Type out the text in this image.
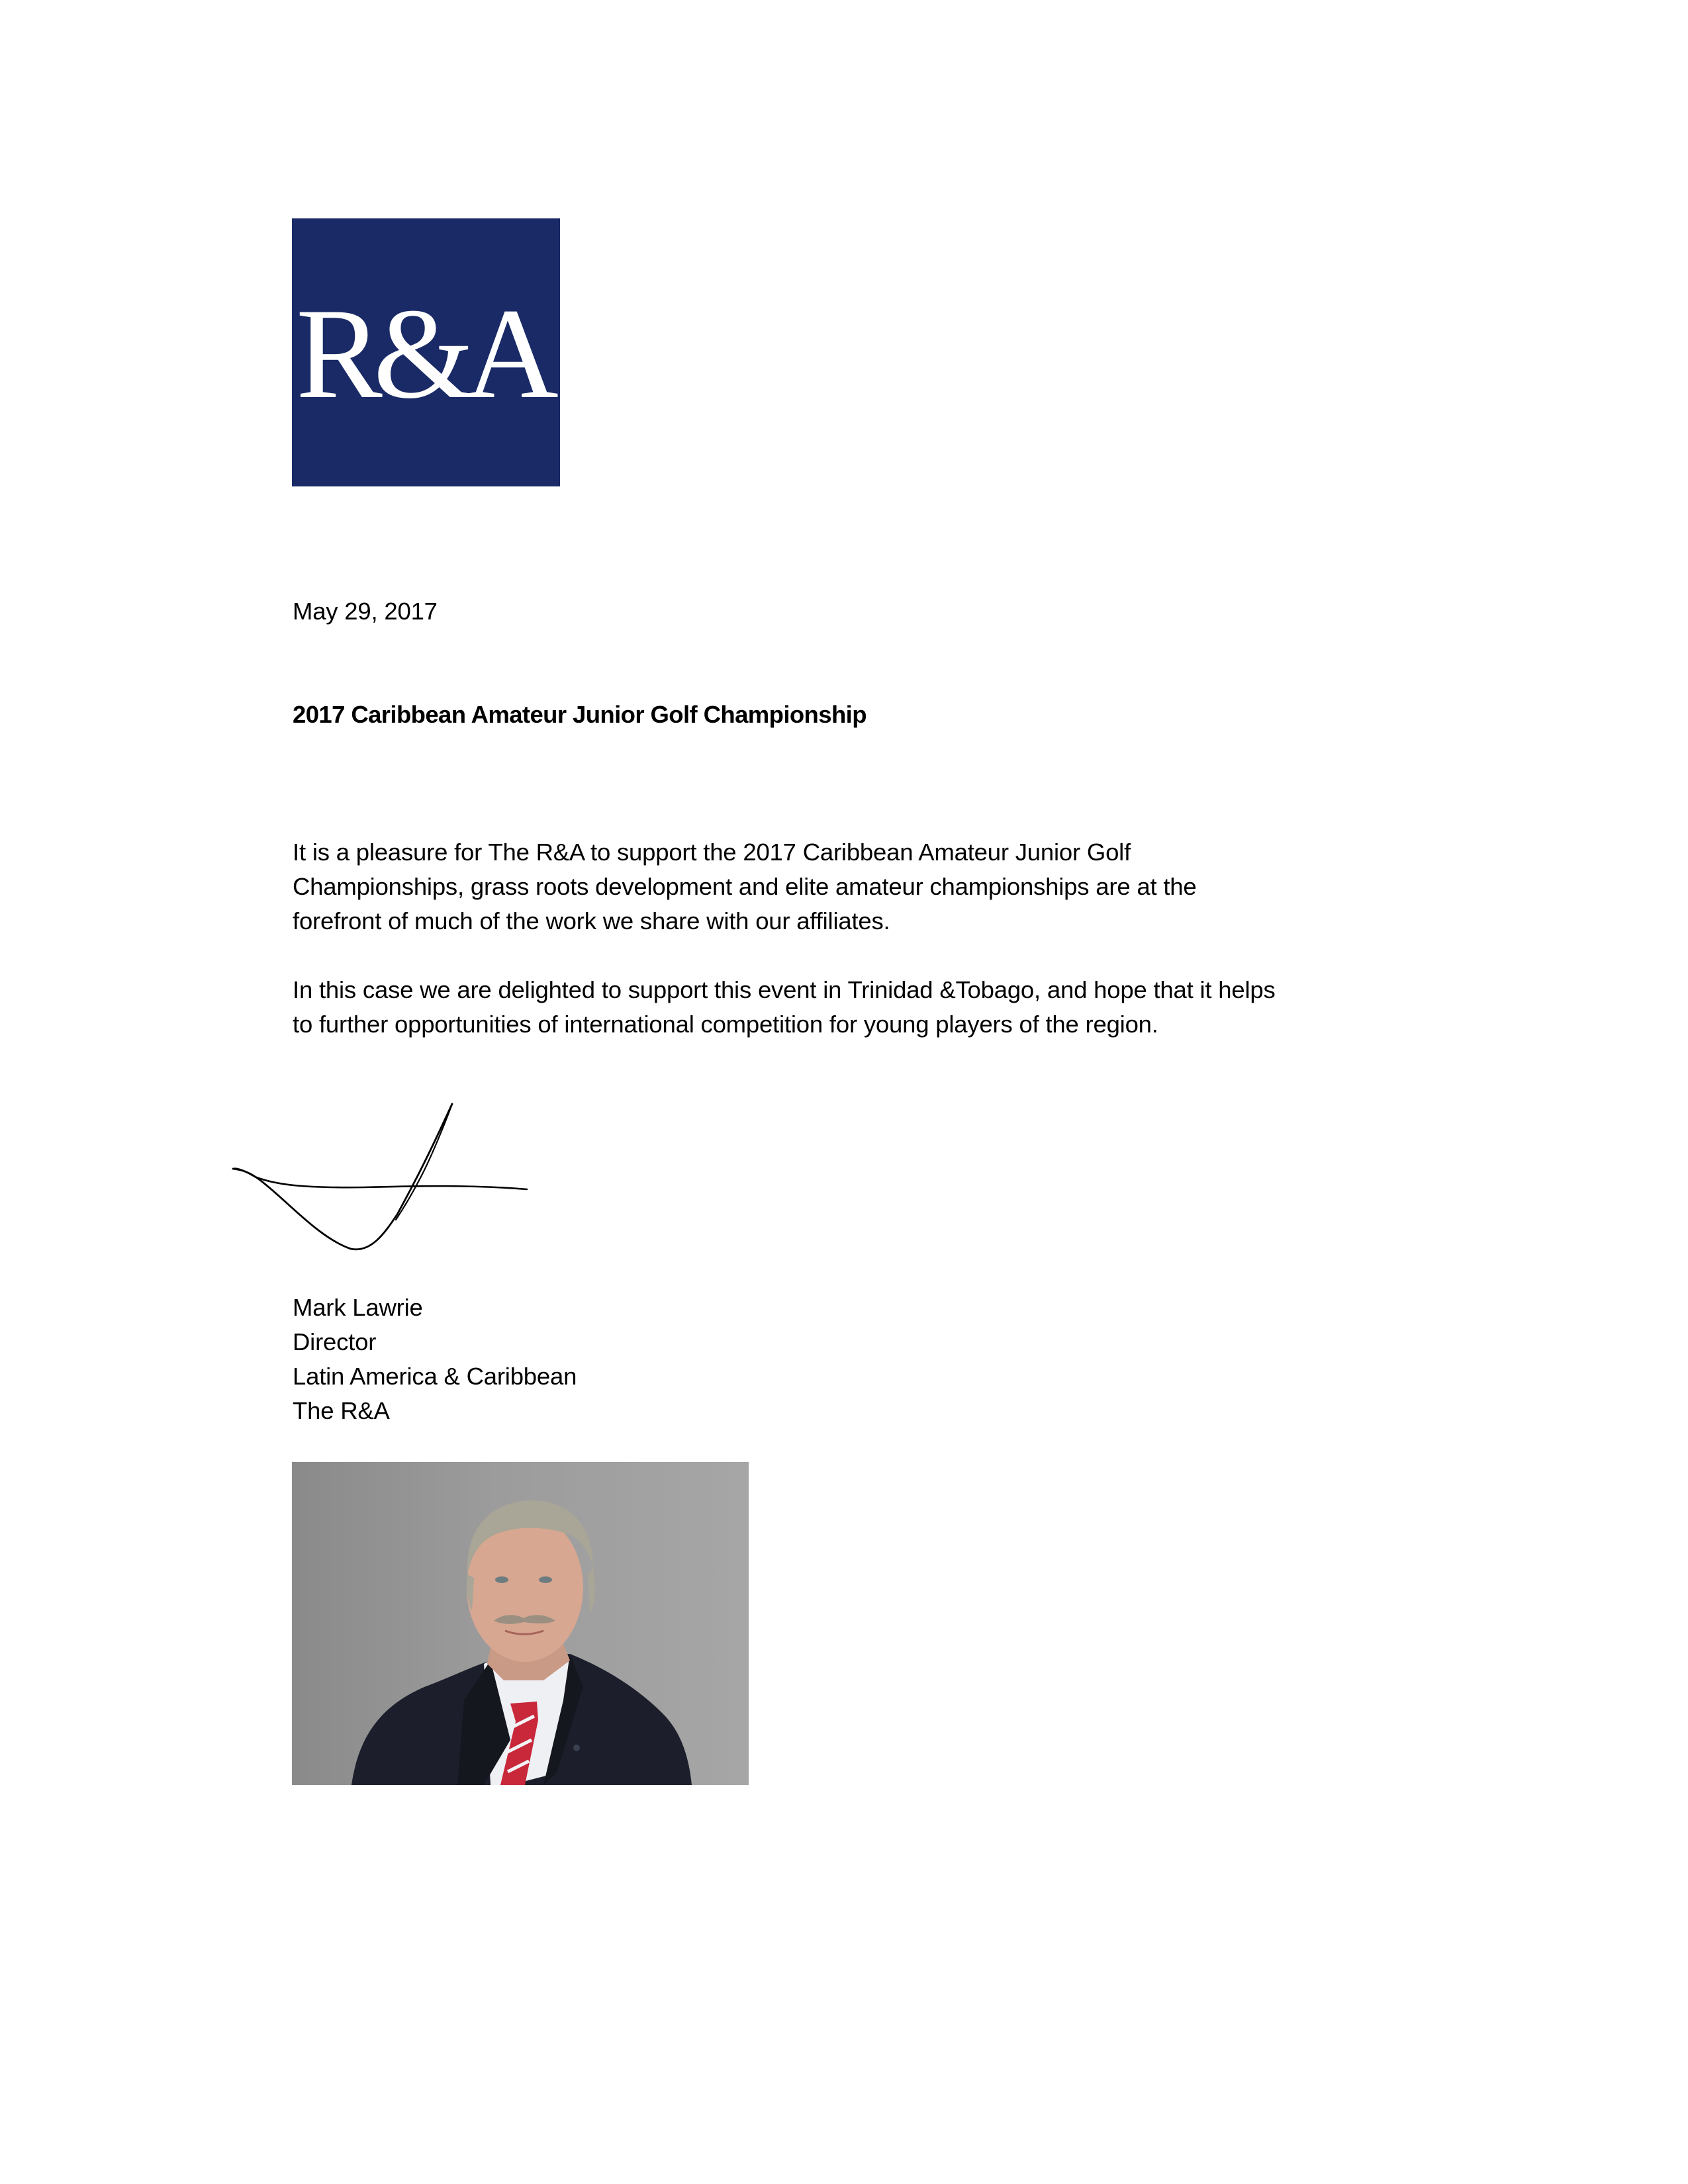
R&A
May 29, 2017
2017 Caribbean Amateur Junior Golf Championship
It is a pleasure for The R&A to support the 2017 Caribbean Amateur Junior Golf
Championships, grass roots development and elite amateur championships are at the
forefront of much of the work we share with our affiliates.
In this case we are delighted to support this event in Trinidad &Tobago, and hope that it helps
to further opportunities of international competition for young players of the region.
Mark Lawrie
Director
Latin America & Caribbean
The R&A
